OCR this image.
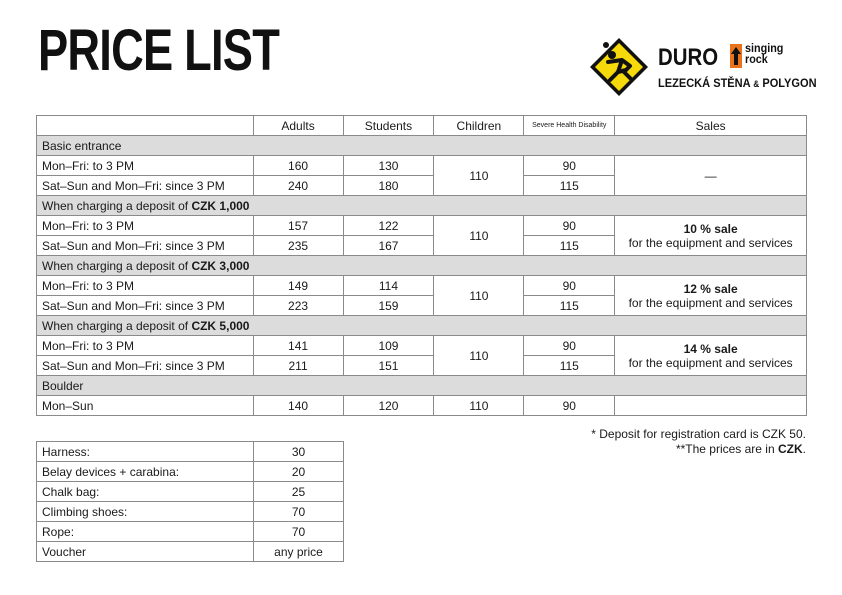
PRICE LIST	DURO singing
rock
LEZECKÁ STĚNA & POLYGON
	Adults	Students	Children	Severe Health Disability	Sales
Basic entrance					
Mon–Fri: to 3 PM	160	130	110	90	—
Sat–Sun and Mon–Fri: since 3 PM	240	180		115	
When charging a deposit of CZK 1,000					
Mon–Fri: to 3 PM	157	122	110	90	10 % sale
for the equipment and services
Sat–Sun and Mon–Fri: since 3 PM	235	167		115	
When charging a deposit of CZK 3,000					
Mon–Fri: to 3 PM	149	114	110	90	12 % sale
for the equipment and services
Sat–Sun and Mon–Fri: since 3 PM	223	159		115	
When charging a deposit of CZK 5,000					
Mon–Fri: to 3 PM	141	109	110	90	14 % sale
for the equipment and services
Sat–Sun and Mon–Fri: since 3 PM	211	151		115	
Boulder					
Mon–Sun	140	120	110	90	
* Deposit for registration card is CZK 50.
**The prices are in CZK.
Harness:	30
Belay devices + carabina:	20
Chalk bag:	25
Climbing shoes:	70
Rope:	70
Voucher	any price
